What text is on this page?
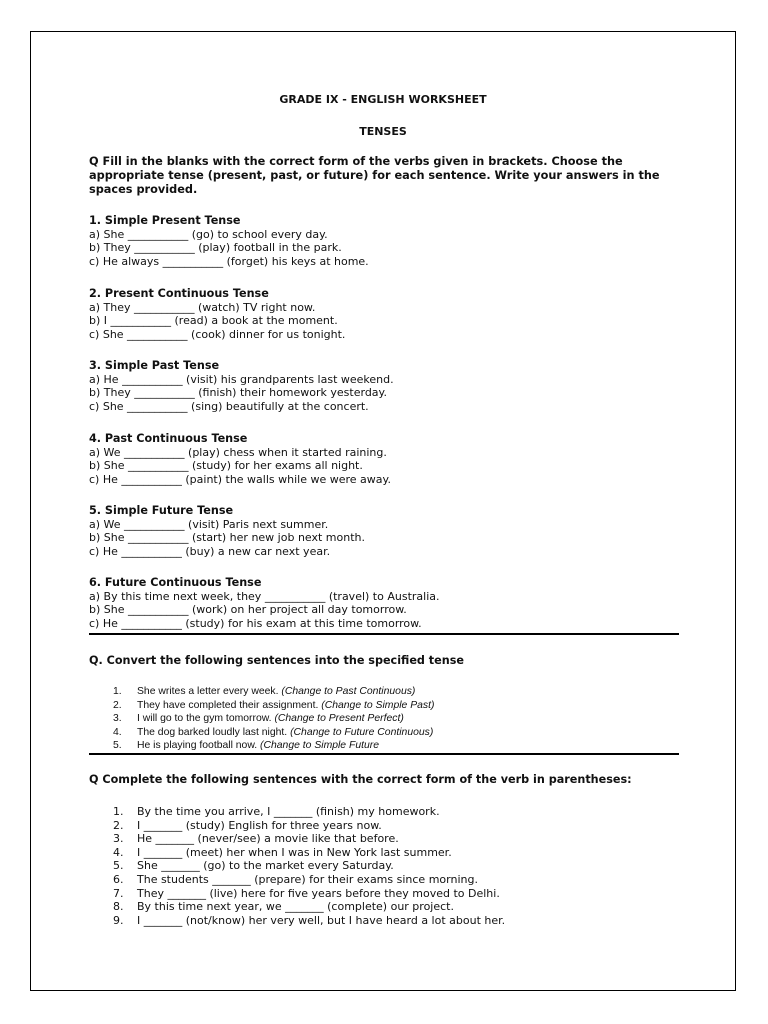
GRADE IX - ENGLISH WORKSHEET
TENSES
Q Fill in the blanks with the correct form of the verbs given in brackets. Choose the appropriate tense (present, past, or future) for each sentence. Write your answers in the spaces provided.
1. Simple Present Tense
a) She ___________ (go) to school every day.
b) They ___________ (play) football in the park.
c) He always ___________ (forget) his keys at home.
2. Present Continuous Tense
a) They ___________ (watch) TV right now.
b) I ___________ (read) a book at the moment.
c) She ___________ (cook) dinner for us tonight.
3. Simple Past Tense
a) He ___________ (visit) his grandparents last weekend.
b) They ___________ (finish) their homework yesterday.
c) She ___________ (sing) beautifully at the concert.
4. Past Continuous Tense
a) We ___________ (play) chess when it started raining.
b) She ___________ (study) for her exams all night.
c) He ___________ (paint) the walls while we were away.
5. Simple Future Tense
a) We ___________ (visit) Paris next summer.
b) She ___________ (start) her new job next month.
c) He ___________ (buy) a new car next year.
6. Future Continuous Tense
a) By this time next week, they ___________ (travel) to Australia.
b) She ___________ (work) on her project all day tomorrow.
c) He ___________ (study) for his exam at this time tomorrow.
Q. Convert the following sentences into the specified tense
1.	She writes a letter every week. (Change to Past Continuous)
2.	They have completed their assignment. (Change to Simple Past)
3.	I will go to the gym tomorrow. (Change to Present Perfect)
4.	The dog barked loudly last night. (Change to Future Continuous)
5.	He is playing football now. (Change to Simple Future
Q Complete the following sentences with the correct form of the verb in parentheses:
1.	By the time you arrive, I _______ (finish) my homework.
2.	I _______ (study) English for three years now.
3.	He _______ (never/see) a movie like that before.
4.	I _______ (meet) her when I was in New York last summer.
5.	She _______ (go) to the market every Saturday.
6.	The students _______ (prepare) for their exams since morning.
7.	They _______ (live) here for five years before they moved to Delhi.
8.	By this time next year, we _______ (complete) our project.
9.	I _______ (not/know) her very well, but I have heard a lot about her.
